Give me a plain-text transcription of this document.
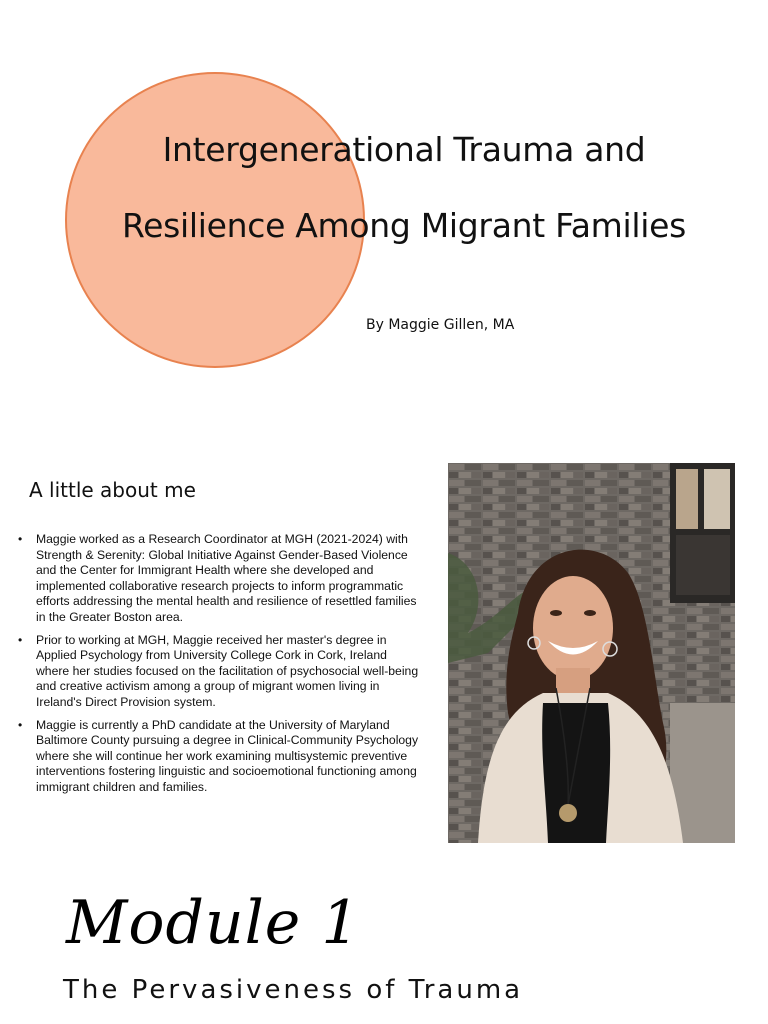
Intergenerational Trauma and
Resilience Among Migrant Families
By Maggie Gillen, MA
A little about me
• Maggie worked as a Research Coordinator at MGH (2021-2024) with Strength & Serenity: Global Initiative Against Gender-Based Violence and the Center for Immigrant Health where she developed and implemented collaborative research projects to inform programmatic efforts addressing the mental health and resilience of resettled families in the Greater Boston area.
• Prior to working at MGH, Maggie received her master's degree in Applied Psychology from University College Cork in Cork, Ireland where her studies focused on the facilitation of psychosocial well-being and creative activism among a group of migrant women living in Ireland's Direct Provision system.
• Maggie is currently a PhD candidate at the University of Maryland Baltimore County pursuing a degree in Clinical-Community Psychology where she will continue her work examining multisystemic preventive interventions fostering linguistic and socioemotional functioning among immigrant children and families.
Module 1
The Pervasiveness of Trauma
